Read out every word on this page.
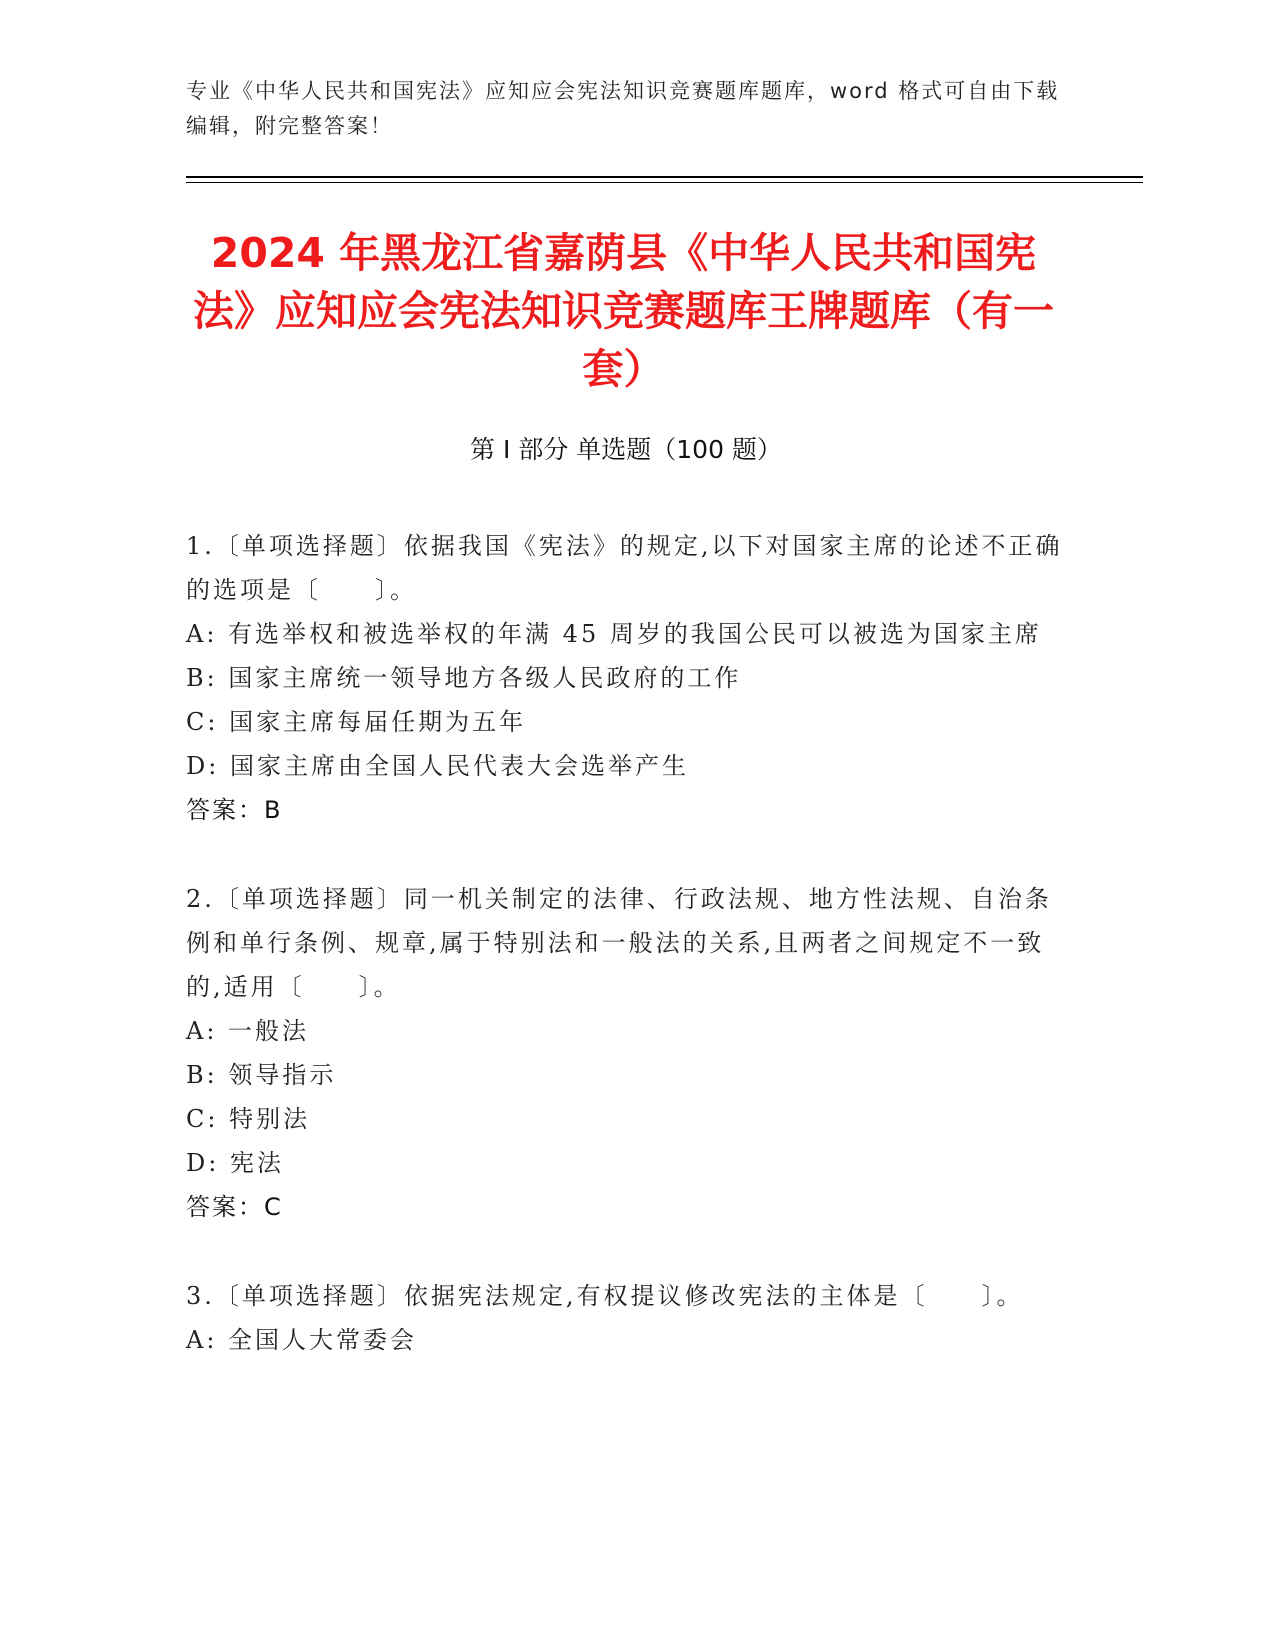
专业《中华人民共和国宪法》应知应会宪法知识竞赛题库题库，word 格式可自由下载编辑，附完整答案！
2024 年黑龙江省嘉荫县《中华人民共和国宪法》应知应会宪法知识竞赛题库王牌题库（有一套）
第 I 部分 单选题（100 题）
1.〔单项选择题〕依据我国《宪法》的规定,以下对国家主席的论述不正确的选项是〔　　〕。
A: 有选举权和被选举权的年满 45 周岁的我国公民可以被选为国家主席
B: 国家主席统一领导地方各级人民政府的工作
C: 国家主席每届任期为五年
D: 国家主席由全国人民代表大会选举产生
答案：B
2.〔单项选择题〕同一机关制定的法律、行政法规、地方性法规、自治条例和单行条例、规章,属于特别法和一般法的关系,且两者之间规定不一致的,适用〔　　〕。
A: 一般法
B: 领导指示
C: 特别法
D: 宪法
答案：C
3.〔单项选择题〕依据宪法规定,有权提议修改宪法的主体是〔　　〕。
A: 全国人大常委会
